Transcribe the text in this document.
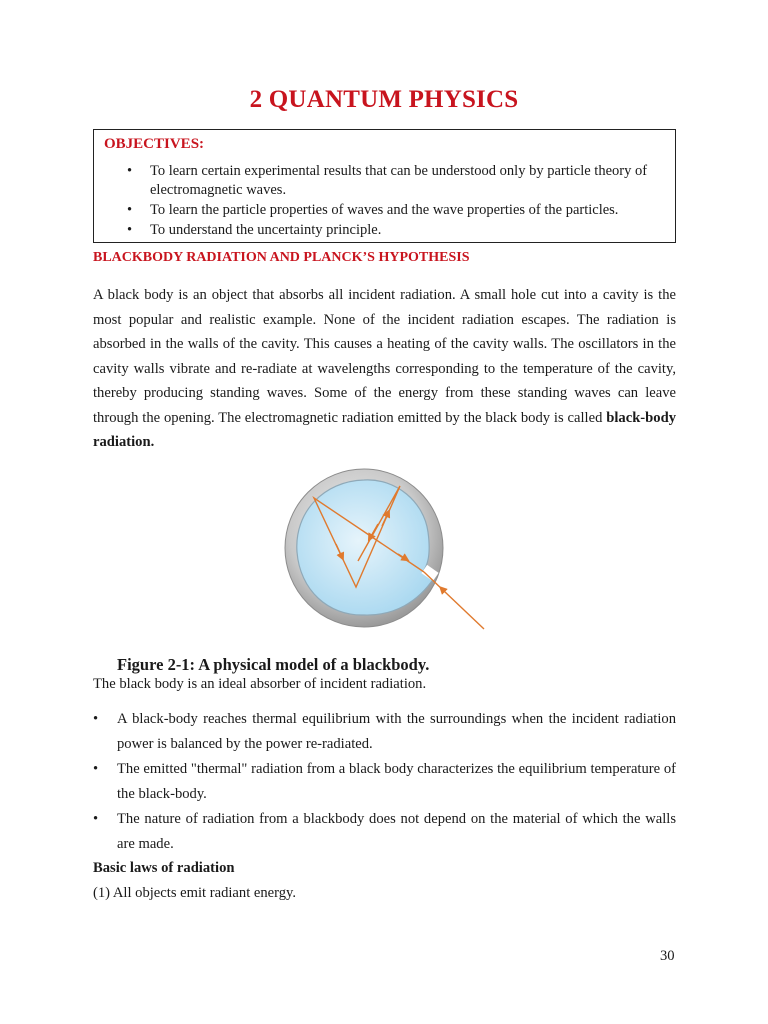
2 QUANTUM PHYSICS
OBJECTIVES:
• To learn certain experimental results that can be understood only by particle theory of electromagnetic waves.
• To learn the particle properties of waves and the wave properties of the particles.
• To understand the uncertainty principle.
BLACKBODY RADIATION AND PLANCK’S HYPOTHESIS

A black body is an object that absorbs all incident radiation. A small hole cut into a cavity is the most popular and realistic example. None of the incident radiation escapes. The radiation is absorbed in the walls of the cavity. This causes a heating of the cavity walls. The oscillators in the cavity walls vibrate and re-radiate at wavelengths corresponding to the temperature of the cavity, thereby producing standing waves. Some of the energy from these standing waves can leave through the opening. The electromagnetic radiation emitted by the black body is called black-body radiation.

Figure 2-1: A physical model of a blackbody.
The black body is an ideal absorber of incident radiation.
• A black-body reaches thermal equilibrium with the surroundings when the incident radiation power is balanced by the power re-radiated.
• The emitted "thermal" radiation from a black body characterizes the equilibrium temperature of the black-body.
• The nature of radiation from a blackbody does not depend on the material of which the walls are made.
Basic laws of radiation
(1) All objects emit radiant energy.
30
